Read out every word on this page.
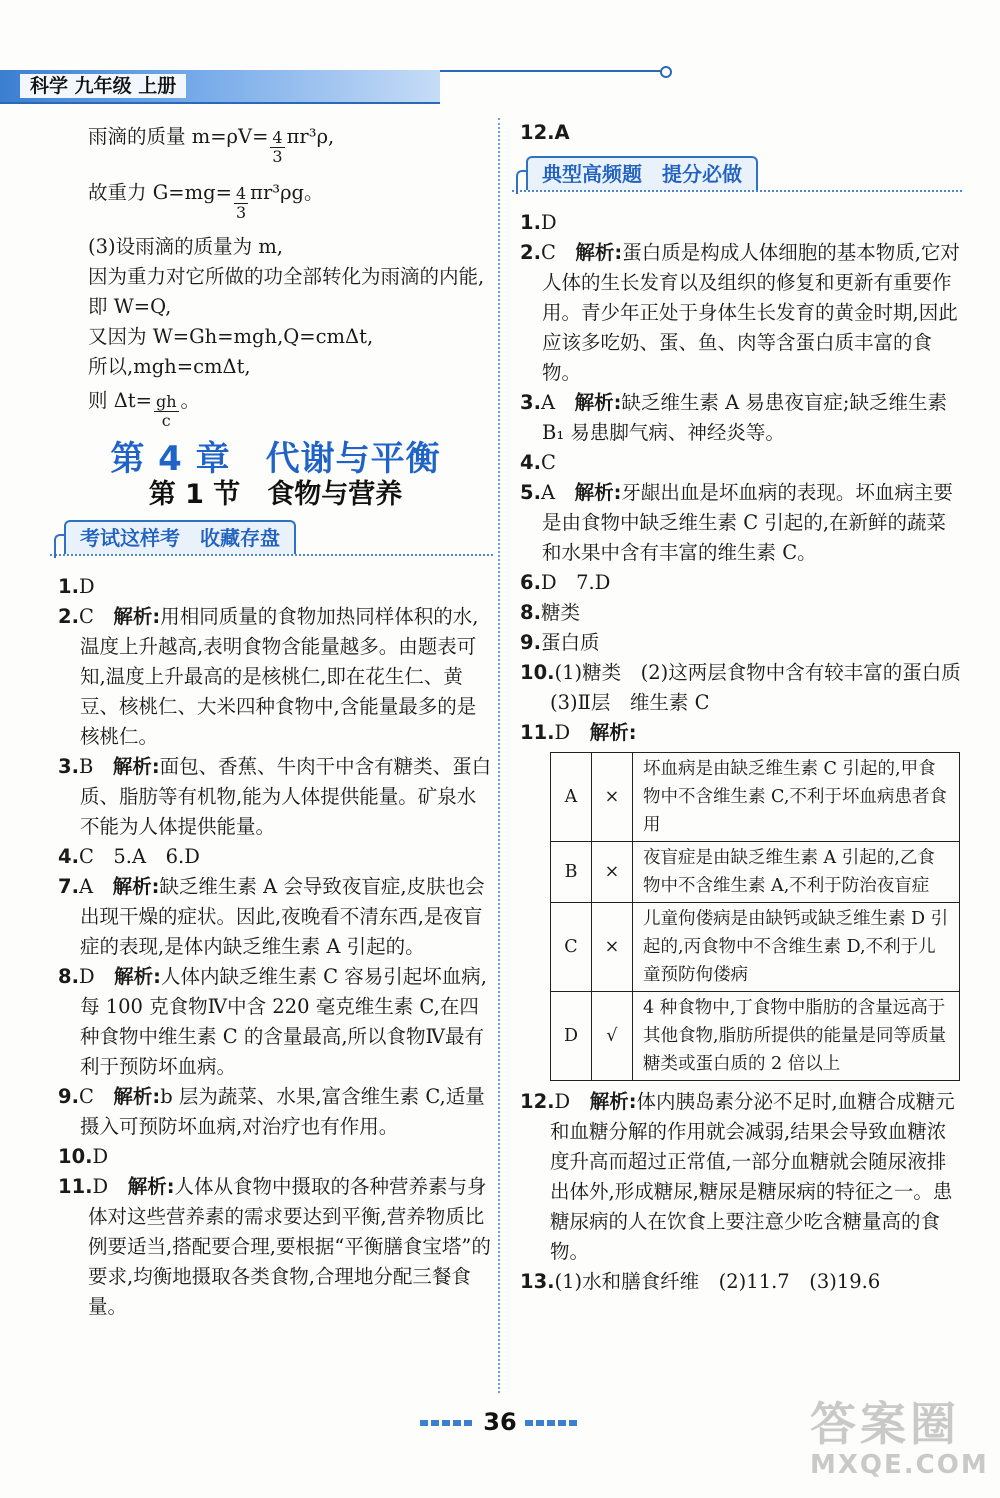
科学 九年级 上册

雨滴的质量 $m=\rho V= \frac{4}{3} \pi r^3\rho$,

故重力 $G=mg= \frac{4}{3} \pi r^3\rho g$。

(3)设雨滴的质量为 m,

因为重力对它所做的功全部转化为雨滴的内能,即 W=Q,

又因为 W=Gh=mgh,Q=cmΔt,

所以,mgh=cmΔt,

则 $\Delta t= \frac{gh}{c}$ 。

第 4 章　代谢与平衡
第 1 节　食物与营养
考试这样考　收藏存盘
1.D
2.C　 解析:用相同质量的食物加热同样体积的水,温度上升越高,表明食物含能量越多。由题表可知,温度上升最高的是核桃仁,即在花生仁、黄豆、核桃仁、大米四种食物中,含能量最多的是核桃仁。
3.B　 解析:面包、香蕉、牛肉干中含有糖类、蛋白质、脂肪等有机物,能为人体提供能量。矿泉水不能为人体提供能量。
4.C　5.A　6.D
7.A　 解析:缺乏维生素 A 会导致夜盲症,皮肤也会出现干燥的症状。因此,夜晚看不清东西,是夜盲症的表现,是体内缺乏维生素 A 引起的。
8.D　 解析:人体内缺乏维生素 C 容易引起坏血病,每 100 克食物Ⅳ中含 220 毫克维生素 C,在四种食物中维生素 C 的含量最高,所以食物Ⅳ最有利于预防坏血病。
9.C　 解析:b 层为蔬菜、水果,富含维生素 C,适量摄入可预防坏血病,对治疗也有作用。
10.D
11.D　 解析:人体从食物中摄取的各种营养素与身体对这些营养素的需求要达到平衡,营养物质比例要适当,搭配要合理,要根据“平衡膳食宝塔”的要求,均衡地摄取各类食物,合理地分配三餐食量。
12.A
典型高频题　提分必做
1.D
2.C　 解析:蛋白质是构成人体细胞的基本物质,它对人体的生长发育以及组织的修复和更新有重要作用。青少年正处于身体生长发育的黄金时期,因此应该多吃奶、蛋、鱼、肉等含蛋白质丰富的食物。
3.A　 解析:缺乏维生素 A 易患夜盲症;缺乏维生素 B₁ 易患脚气病、神经炎等。
4.C
5.A　 解析:牙龈出血是坏血病的表现。坏血病主要是由食物中缺乏维生素 C 引起的,在新鲜的蔬菜和水果中含有丰富的维生素 C。
6.D　7.D
8.糖类
9.蛋白质
10.(1)糖类　(2)这两层食物中含有较丰富的蛋白质　(3)Ⅱ层　维生素 C
11.D　 解析:
A	×	坏血病是由缺乏维生素 C 引起的,甲食物中不含维生素 C,不利于坏血病患者食用
B	×	夜盲症是由缺乏维生素 A 引起的,乙食物中不含维生素 A,不利于防治夜盲症
C	×	儿童佝偻病是由缺钙或缺乏维生素 D 引起的,丙食物中不含维生素 D,不利于儿童预防佝偻病
D	√	4 种食物中,丁食物中脂肪的含量远高于其他食物,脂肪所提供的能量是同等质量糖类或蛋白质的 2 倍以上
12.D　 解析:体内胰岛素分泌不足时,血糖合成糖元和血糖分解的作用就会减弱,结果会导致血糖浓度升高而超过正常值,一部分血糖就会随尿液排出体外,形成糖尿,糖尿是糖尿病的特征之一。患糖尿病的人在饮食上要注意少吃含糖量高的食物。
13.(1)水和膳食纤维　(2)11.7　(3)19.6
36	答案圈
MXQE.COM
